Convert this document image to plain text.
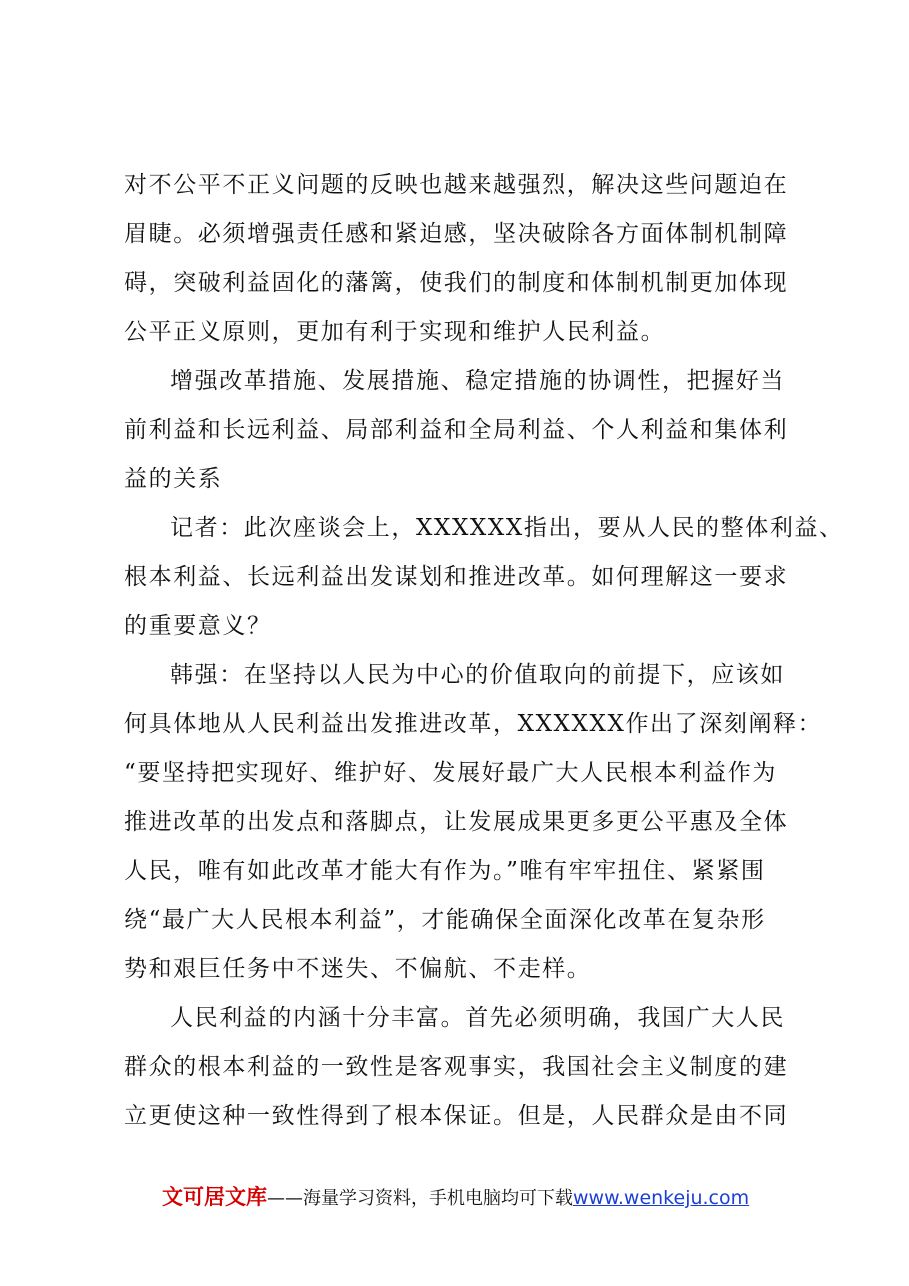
对不公平不正义问题的反映也越来越强烈，解决这些问题迫在
眉睫。必须增强责任感和紧迫感，坚决破除各方面体制机制障
碍，突破利益固化的藩篱，使我们的制度和体制机制更加体现
公平正义原则，更加有利于实现和维护人民利益。
增强改革措施、发展措施、稳定措施的协调性，把握好当
前利益和长远利益、局部利益和全局利益、个人利益和集体利
益的关系
记者：此次座谈会上，XXXXXX指出，要从人民的整体利益、
根本利益、长远利益出发谋划和推进改革。如何理解这一要求
的重要意义？
韩强：在坚持以人民为中心的价值取向的前提下，应该如
何具体地从人民利益出发推进改革，XXXXXX作出了深刻阐释：
“要坚持把实现好、维护好、发展好最广大人民根本利益作为
推进改革的出发点和落脚点，让发展成果更多更公平惠及全体
人民，唯有如此改革才能大有作为。”唯有牢牢扭住、紧紧围
绕“最广大人民根本利益”，才能确保全面深化改革在复杂形
势和艰巨任务中不迷失、不偏航、不走样。
人民利益的内涵十分丰富。首先必须明确，我国广大人民
群众的根本利益的一致性是客观事实，我国社会主义制度的建
立更使这种一致性得到了根本保证。但是，人民群众是由不同
文可居文库——海量学习资料，手机电脑均可下载www.wenkeju.com
